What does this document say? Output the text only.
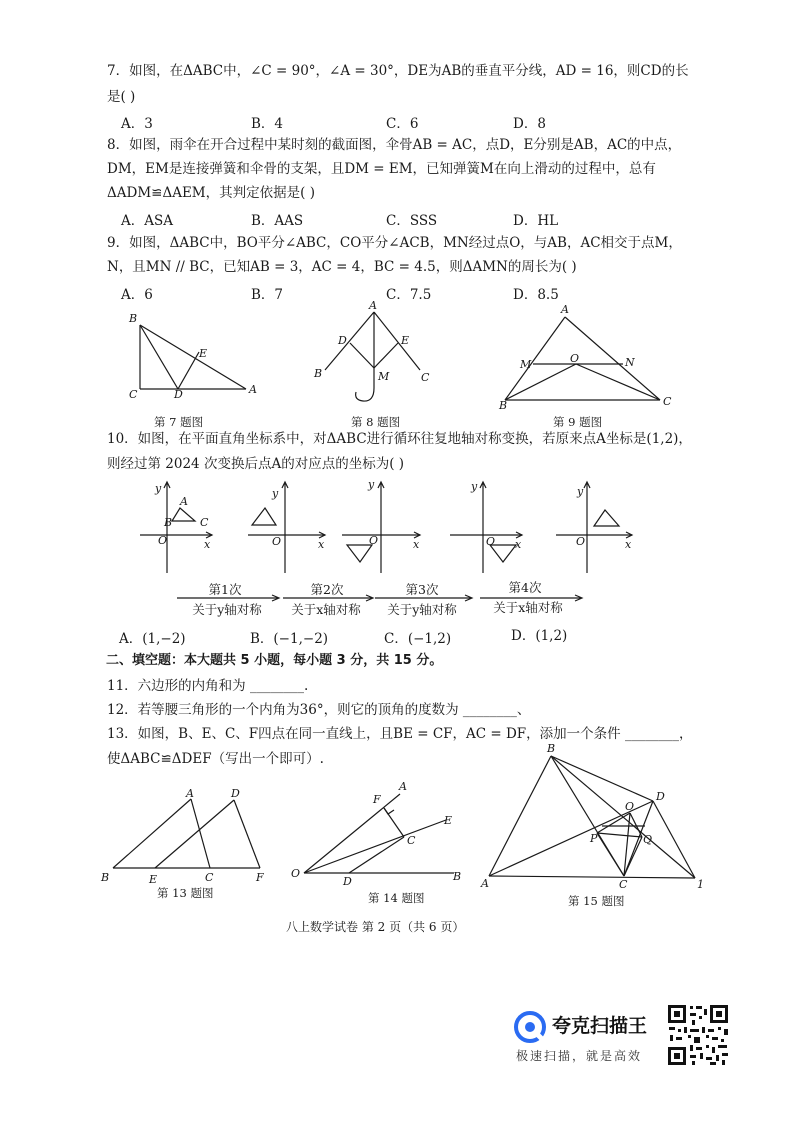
7．如图，在ΔABC中，∠C = 90°，∠A = 30°，DE为AB的垂直平分线，AD = 16，则CD的长
是( )
A．3	B．4	C．6	D．8
8．如图，雨伞在开合过程中某时刻的截面图，伞骨AB = AC，点D，E分别是AB，AC的中点，
DM，EM是连接弹簧和伞骨的支架，且DM = EM，已知弹簧M在向上滑动的过程中，总有
ΔADM≌ΔAEM，其判定依据是( )
A．ASA	B．AAS	C．SSS	D．HL
9．如图，ΔABC中，BO平分∠ABC，CO平分∠ACB，MN经过点O，与AB，AC相交于点M，
N，且MN // BC，已知AB = 3，AC = 4，BC = 4.5，则ΔAMN的周长为( )
A．6	B．7	C．7.5	D．8.5
B
C	D
E
A
第 7 题图
A
D	E
B	C
M
第 8 题图
A
M	O	N
B	C
第 9 题图
10．如图，在平面直角坐标系中，对ΔABC进行循环往复地轴对称变换，若原来点A坐标是(1,2)，
则经过第 2024 次变换后点A的对应点的坐标为( )
y
O	x
A
B	C
y
O	x
y
O	x
y
O x
y
O	x
第1次
关于y轴对称
第2次
关于x轴对称
第3次
关于y轴对称
第4次
关于x轴对称
A．(1,−2)	B．(−1,−2)	C．(−1,2)	D．(1,2)
二、填空题：本大题共 5 小题，每小题 3 分，共 15 分。
11．六边形的内角和为 ________.
12．若等腰三角形的一个内角为36°，则它的顶角的度数为 ________、
13．如图，B、E、C、F四点在同一直线上，且BE = CF，AC = DF，添加一个条件 ________，
使ΔABC≌ΔDEF（写出一个即可）.
A	D
B	E	C	F
第 13 题图
A
F
E
C
O
D	B
第 14 题图
B
D
O
P	Q
A	C	1
第 15 题图
八上数学试卷 第 2 页（共 6 页）
夸克扫描王
极速扫描，就是高效
